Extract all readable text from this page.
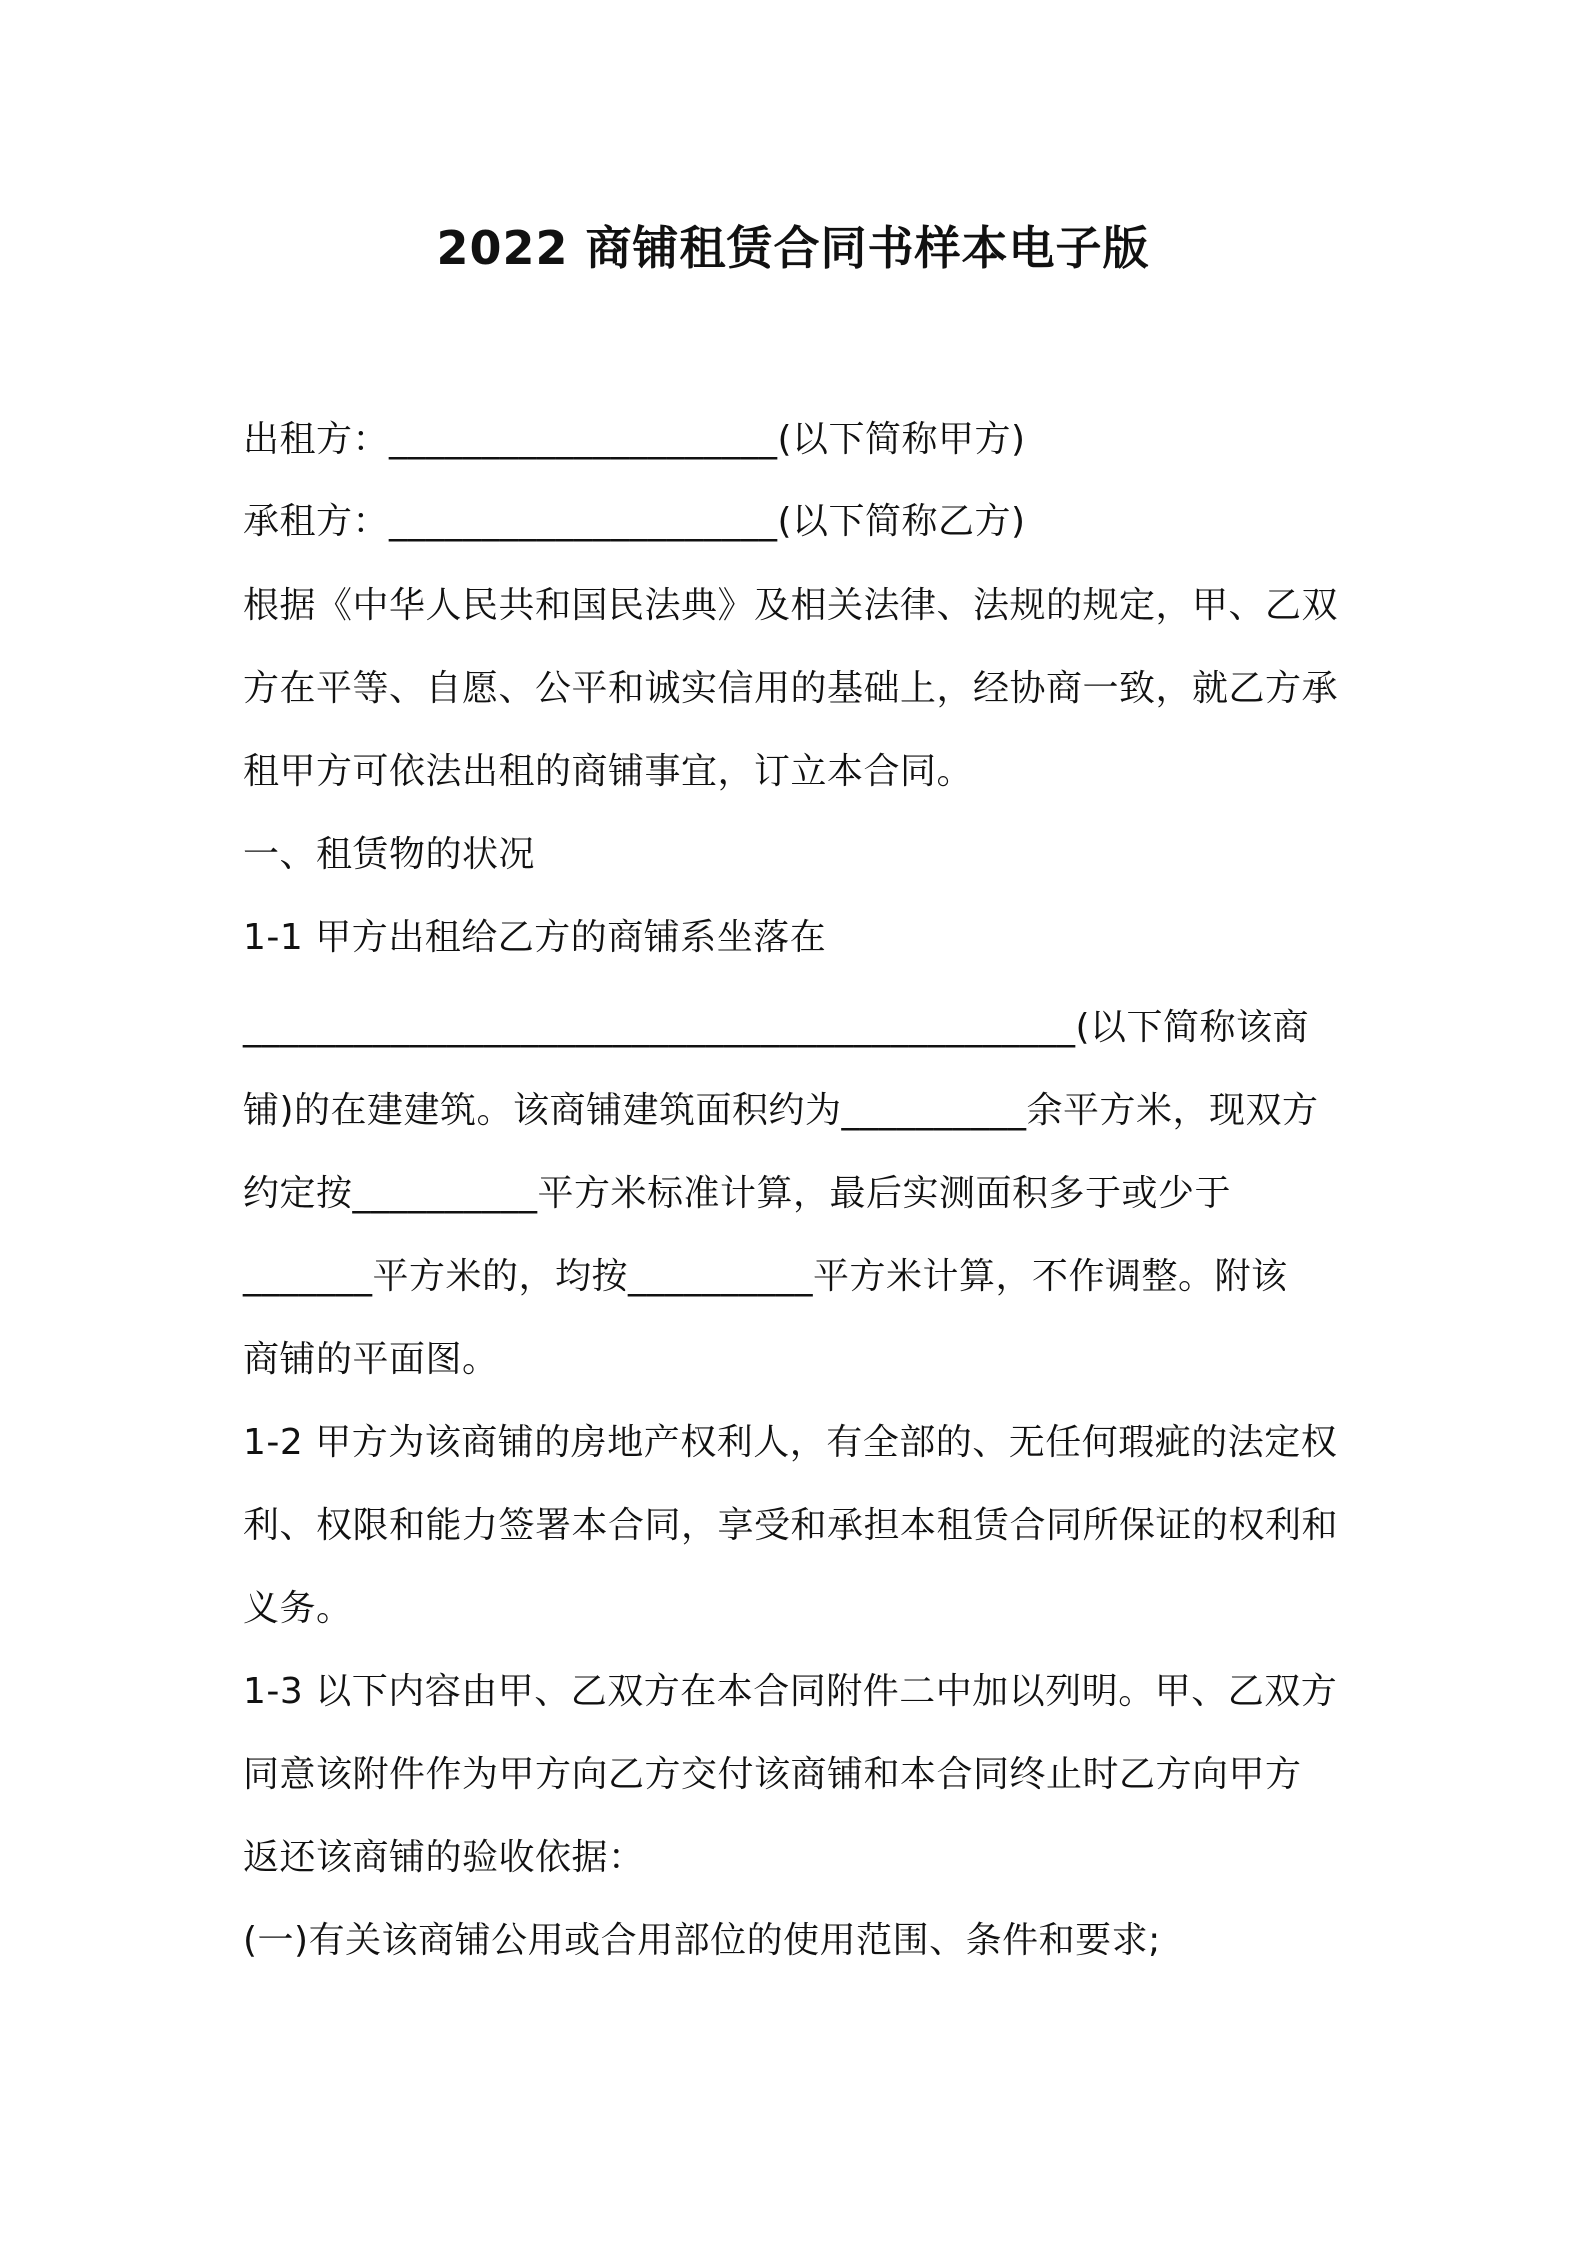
2022 商铺租赁合同书样本电子版
出租方：_____________________(以下简称甲方)
承租方：_____________________(以下简称乙方)
根据《中华人民共和国民法典》及相关法律、法规的规定，甲、乙双
方在平等、自愿、公平和诚实信用的基础上，经协商一致，就乙方承
租甲方可依法出租的商铺事宜，订立本合同。
一、租赁物的状况
1-1 甲方出租给乙方的商铺系坐落在
_____________________________________________(以下简称该商
铺)的在建建筑。该商铺建筑面积约为__________余平方米，现双方
约定按__________平方米标准计算，最后实测面积多于或少于
_______平方米的，均按__________平方米计算，不作调整。附该
商铺的平面图。
1-2 甲方为该商铺的房地产权利人，有全部的、无任何瑕疵的法定权
利、权限和能力签署本合同，享受和承担本租赁合同所保证的权利和
义务。
1-3 以下内容由甲、乙双方在本合同附件二中加以列明。甲、乙双方
同意该附件作为甲方向乙方交付该商铺和本合同终止时乙方向甲方
返还该商铺的验收依据：
(一)有关该商铺公用或合用部位的使用范围、条件和要求;
